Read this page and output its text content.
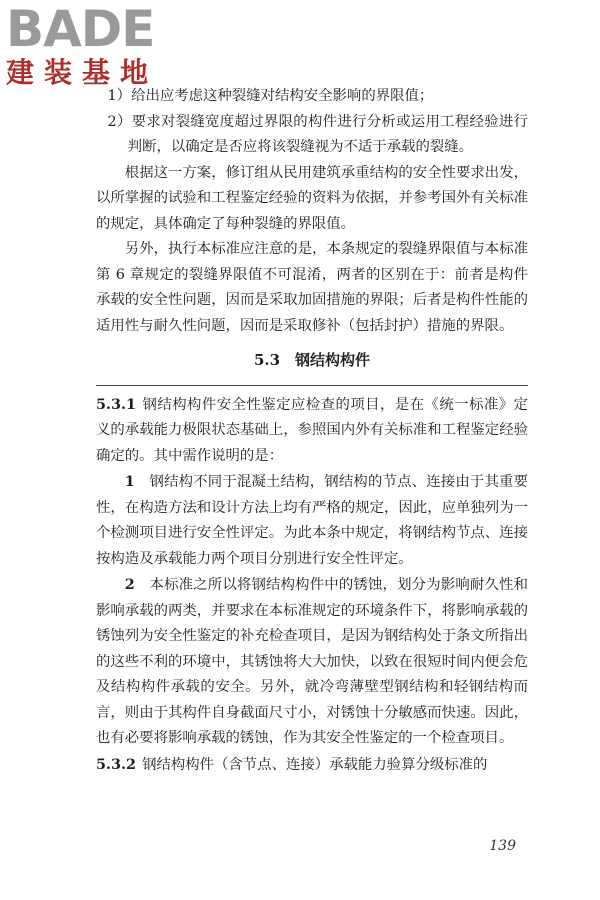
BADE
建装基地

1）给出应考虑这种裂缝对结构安全影响的界限值；

2）要求对裂缝宽度超过界限的构件进行分析或运用工程经验进行判断，以确定是否应将该裂缝视为不适于承载的裂缝。

根据这一方案，修订组从民用建筑承重结构的安全性要求出发，以所掌握的试验和工程鉴定经验的资料为依据，并参考国外有关标准的规定，具体确定了每种裂缝的界限值。

另外，执行本标准应注意的是，本条规定的裂缝界限值与本标准第 6 章规定的裂缝界限值不可混淆，两者的区别在于：前者是构件承载的安全性问题，因而是采取加固措施的界限；后者是构件性能的适用性与耐久性问题，因而是采取修补（包括封护）措施的界限。

5.3　钢结构构件

5.3.1 钢结构构件安全性鉴定应检查的项目，是在《统一标准》定义的承载能力极限状态基础上，参照国内外有关标准和工程鉴定经验确定的。其中需作说明的是：

1　 钢结构不同于混凝土结构，钢结构的节点、连接由于其重要性，在构造方法和设计方法上均有严格的规定，因此，应单独列为一个检测项目进行安全性评定。为此本条中规定，将钢结构节点、连接按构造及承载能力两个项目分别进行安全性评定。

2　 本标准之所以将钢结构构件中的锈蚀，划分为影响耐久性和影响承载的两类，并要求在本标准规定的环境条件下，将影响承载的锈蚀列为安全性鉴定的补充检查项目，是因为钢结构处于条文所指出的这些不利的环境中，其锈蚀将大大加快，以致在很短时间内便会危及结构构件承载的安全。另外，就冷弯薄壁型钢结构和轻钢结构而言，则由于其构件自身截面尺寸小，对锈蚀十分敏感而快速。因此，也有必要将影响承载的锈蚀，作为其安全性鉴定的一个检查项目。

5.3.2 钢结构构件（含节点、连接）承载能力验算分级标准的

139
